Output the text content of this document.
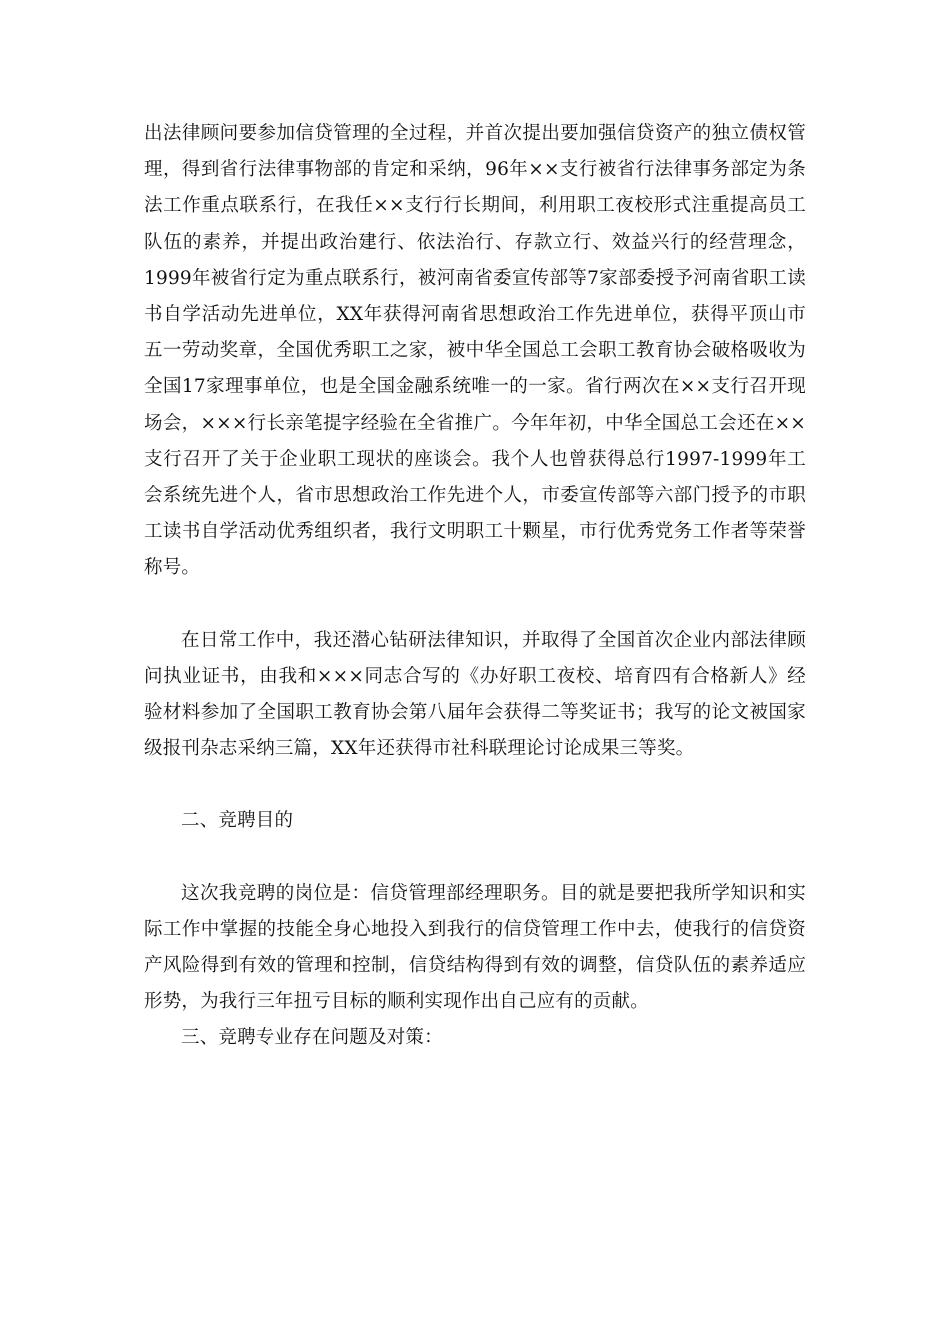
出法律顾问要参加信贷管理的全过程，并首次提出要加强信贷资产的独立债权管理，得到省行法律事物部的肯定和采纳，96年××支行被省行法律事务部定为条法工作重点联系行，在我任××支行行长期间，利用职工夜校形式注重提高员工队伍的素养，并提出政治建行、依法治行、存款立行、效益兴行的经营理念，1999年被省行定为重点联系行，被河南省委宣传部等7家部委授予河南省职工读书自学活动先进单位，XX年获得河南省思想政治工作先进单位，获得平顶山市五一劳动奖章，全国优秀职工之家，被中华全国总工会职工教育协会破格吸收为全国17家理事单位，也是全国金融系统唯一的一家。省行两次在××支行召开现场会，×××行长亲笔提字经验在全省推广。今年年初，中华全国总工会还在××支行召开了关于企业职工现状的座谈会。我个人也曾获得总行1997-1999年工会系统先进个人，省市思想政治工作先进个人，市委宣传部等六部门授予的市职工读书自学活动优秀组织者，我行文明职工十颗星，市行优秀党务工作者等荣誉称号。

在日常工作中，我还潜心钻研法律知识，并取得了全国首次企业内部法律顾问执业证书，由我和×××同志合写的《办好职工夜校、培育四有合格新人》经验材料参加了全国职工教育协会第八届年会获得二等奖证书；我写的论文被国家级报刊杂志采纳三篇，XX年还获得市社科联理论讨论成果三等奖。

二、竞聘目的

这次我竞聘的岗位是：信贷管理部经理职务。目的就是要把我所学知识和实际工作中掌握的技能全身心地投入到我行的信贷管理工作中去，使我行的信贷资产风险得到有效的管理和控制，信贷结构得到有效的调整，信贷队伍的素养适应形势，为我行三年扭亏目标的顺利实现作出自己应有的贡献。

三、竞聘专业存在问题及对策：
